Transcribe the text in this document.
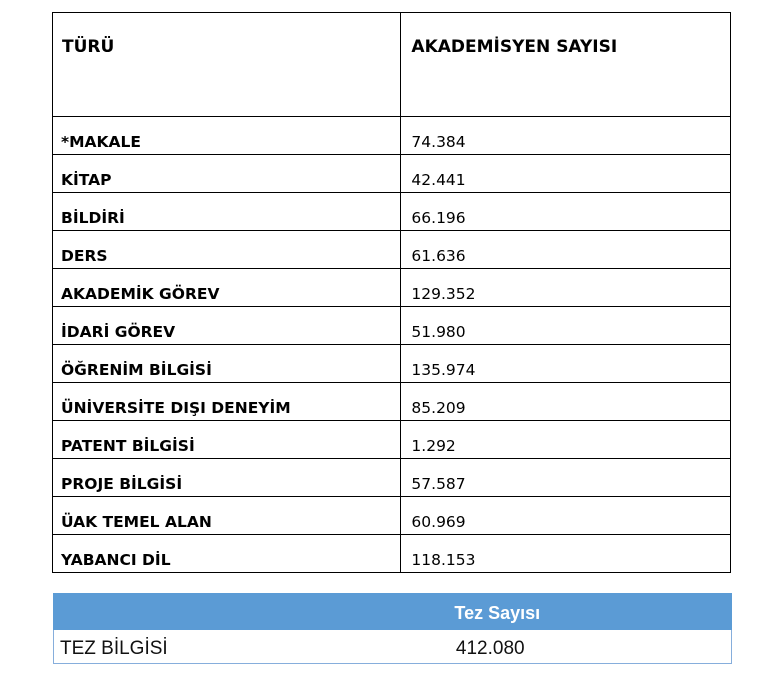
TÜRÜ	AKADEMİSYEN SAYISI
*MAKALE	74.384
KİTAP	42.441
BİLDİRİ	66.196
DERS	61.636
AKADEMİK GÖREV	129.352
İDARİ GÖREV	51.980
ÖĞRENİM BİLGİSİ	135.974
ÜNİVERSİTE DIŞI DENEYİM	85.209
PATENT BİLGİSİ	1.292
PROJE BİLGİSİ	57.587
ÜAK TEMEL ALAN	60.969
YABANCI DİL	118.153
	Tez Sayısı
TEZ BİLGİSİ	412.080
